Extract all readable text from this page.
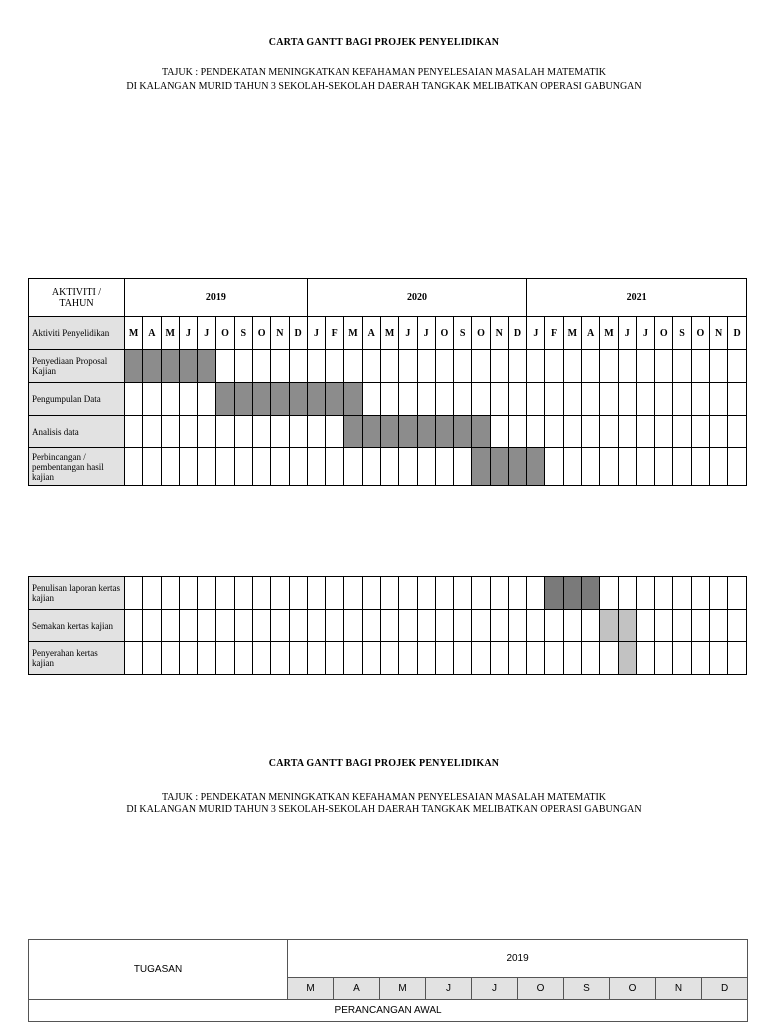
CARTA GANTT BAGI PROJEK PENYELIDIKAN
TAJUK : PENDEKATAN MENINGKATKAN KEFAHAMAN PENYELESAIAN MASALAH MATEMATIK
DI KALANGAN MURID TAHUN 3 SEKOLAH-SEKOLAH DAERAH TANGKAK MELIBATKAN OPERASI GABUNGAN
AKTIVITI /
TAHUN	2019										2020												2021											
Aktiviti Penyelidikan	M	A	M	J	J	O	S	O	N	D	J	F	M	A	M	J	J	O	S	O	N	D	J	F	M	A	M	J	J	O	S	O	N	D
Penyediaan Proposal Kajian																																		
Pengumpulan Data																																		
Analisis data																																		
Perbincangan / pembentangan hasil kajian																																		
Penulisan laporan kertas kajian																																		
Semakan kertas kajian																																		
Penyerahan kertas kajian																																		
CARTA GANTT BAGI PROJEK PENYELIDIKAN
TAJUK : PENDEKATAN MENINGKATKAN KEFAHAMAN PENYELESAIAN MASALAH MATEMATIK
DI KALANGAN MURID TAHUN 3 SEKOLAH-SEKOLAH DAERAH TANGKAK MELIBATKAN OPERASI GABUNGAN
TUGASAN	2019									
	M	A	M	J	J	O	S	O	N	D
PERANCANGAN AWAL										
